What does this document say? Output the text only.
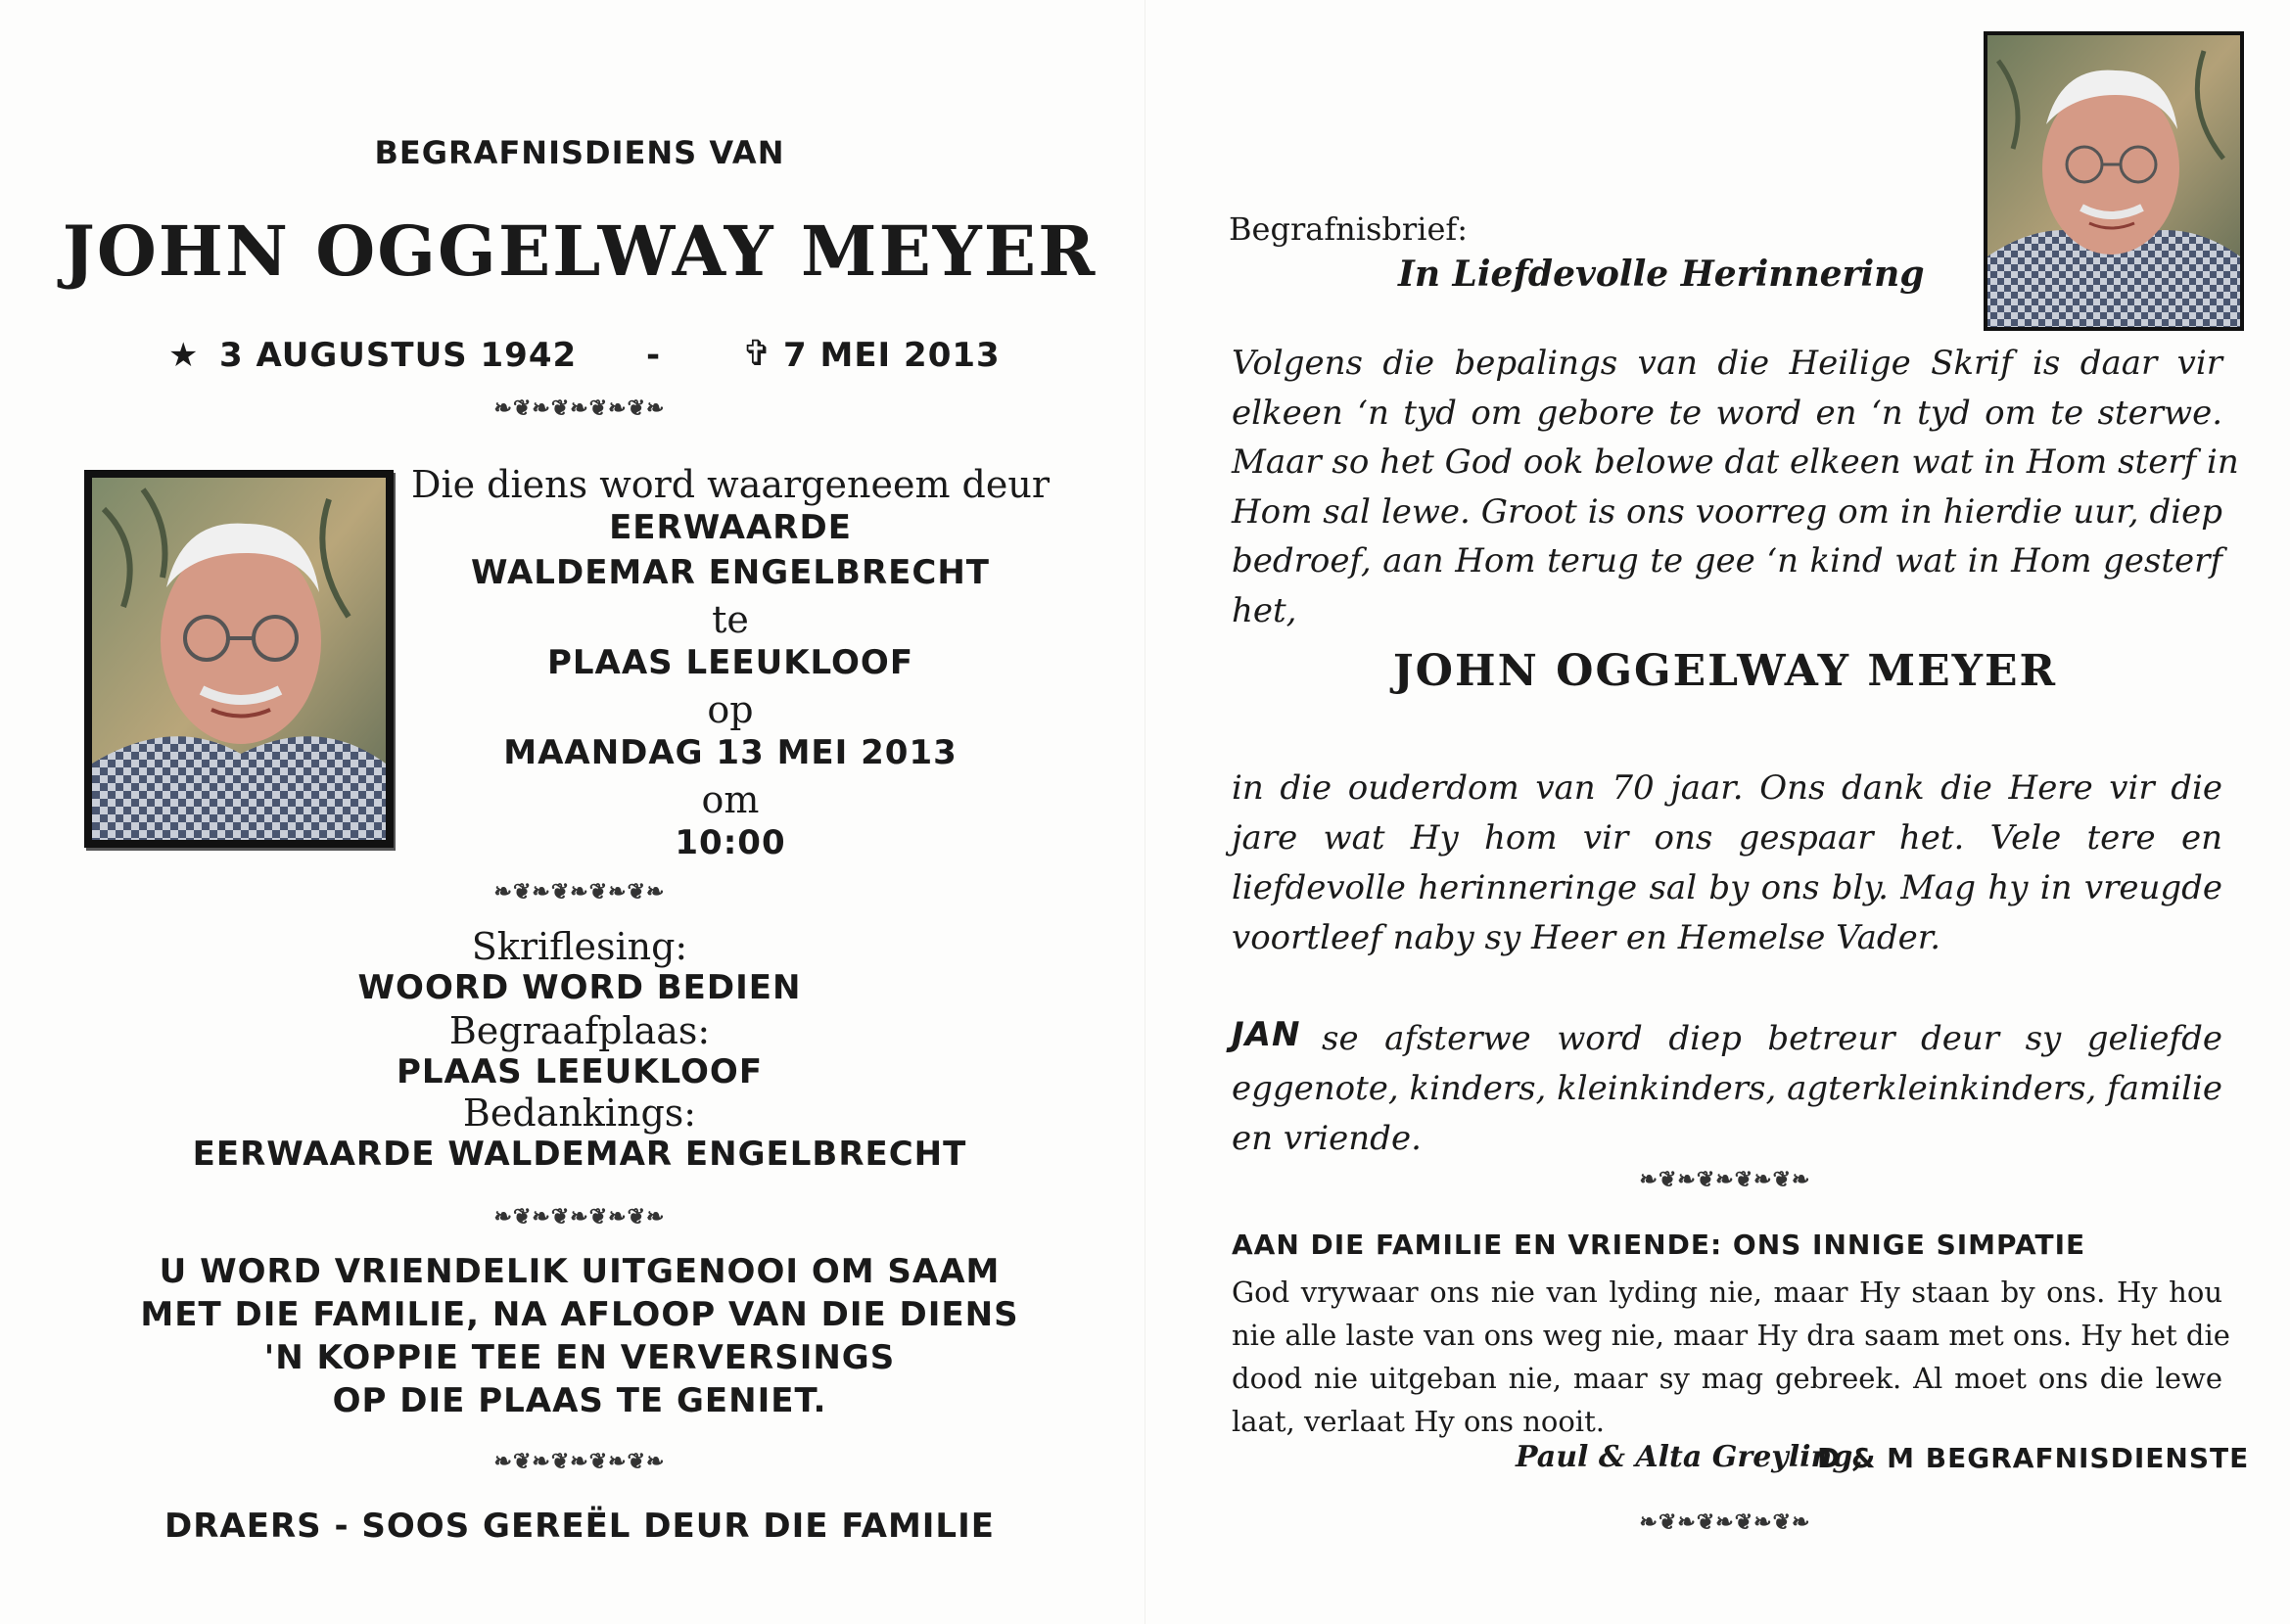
BEGRAFNISDIENS VAN
JOHN OGGELWAY MEYER
★ 3 AUGUSTUS 1942 - ✞ 7 MEI 2013
❧❦❧❦❧❦❧❦❧
Die diens word waargeneem deur
EERWAARDE
WALDEMAR ENGELBRECHT
te
PLAAS LEEUKLOOF
op
MAANDAG 13 MEI 2013
om
10:00
❧❦❧❦❧❦❧❦❧
Skriflesing:
WOORD WORD BEDIEN
Begraafplaas:
PLAAS LEEUKLOOF
Bedankings:
EERWAARDE WALDEMAR ENGELBRECHT
❧❦❧❦❧❦❧❦❧
U WORD VRIENDELIK UITGENOOI OM SAAM
MET DIE FAMILIE, NA AFLOOP VAN DIE DIENS
'N KOPPIE TEE EN VERVERSINGS
OP DIE PLAAS TE GENIET.
❧❦❧❦❧❦❧❦❧
DRAERS - SOOS GEREËL DEUR DIE FAMILIE
Begrafnisbrief:
In Liefdevolle Herinnering
Volgens die bepalings van die Heilige Skrif is daar vir
elkeen ‘n tyd om gebore te word en ‘n tyd om te sterwe.
Maar so het God ook belowe dat elkeen wat in Hom sterf in
Hom sal lewe. Groot is ons voorreg om in hierdie uur, diep
bedroef, aan Hom terug te gee ‘n kind wat in Hom gesterf
het,
JOHN OGGELWAY MEYER
in die ouderdom van 70 jaar. Ons dank die Here vir die
jare wat Hy hom vir ons gespaar het. Vele tere en
liefdevolle herinneringe sal by ons bly. Mag hy in vreugde
voortleef naby sy Heer en Hemelse Vader.
JAN se afsterwe word diep betreur deur sy geliefde
eggenote, kinders, kleinkinders, agterkleinkinders, familie
en vriende.
❧❦❧❦❧❦❧❦❧
AAN DIE FAMILIE EN VRIENDE: ONS INNIGE SIMPATIE
God vrywaar ons nie van lyding nie, maar Hy staan by ons. Hy hou
nie alle laste van ons weg nie, maar Hy dra saam met ons. Hy het die
dood nie uitgeban nie, maar sy mag gebreek. Al moet ons die lewe
laat, verlaat Hy ons nooit.
Paul & Alta Greyling,
D & M BEGRAFNISDIENSTE
❧❦❧❦❧❦❧❦❧
